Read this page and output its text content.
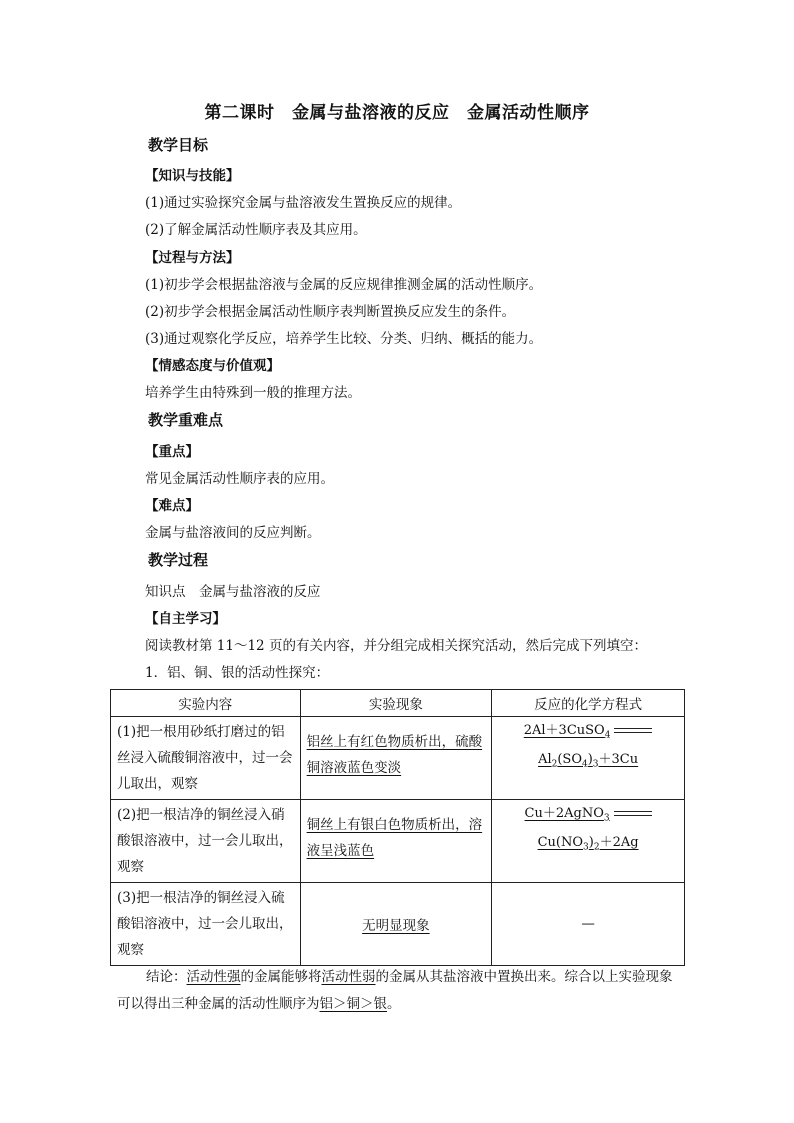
第二课时　金属与盐溶液的反应　金属活动性顺序
教学目标
【知识与技能】
(1)通过实验探究金属与盐溶液发生置换反应的规律。
(2)了解金属活动性顺序表及其应用。
【过程与方法】
(1)初步学会根据盐溶液与金属的反应规律推测金属的活动性顺序。
(2)初步学会根据金属活动性顺序表判断置换反应发生的条件。
(3)通过观察化学反应，培养学生比较、分类、归纳、概括的能力。
【情感态度与价值观】
培养学生由特殊到一般的推理方法。
教学重难点
【重点】
常见金属活动性顺序表的应用。
【难点】
金属与盐溶液间的反应判断。
教学过程
知识点　金属与盐溶液的反应
【自主学习】
阅读教材第 11～12 页的有关内容，并分组完成相关探究活动，然后完成下列填空：
1．铝、铜、银的活动性探究：
实验内容	实验现象	反应的化学方程式

(1)把一根用砂纸打磨过的铝丝浸入硫酸铜溶液中，过一会儿取出，观察	铝丝上有红色物质析出，硫酸铜溶液蓝色变淡	2Al＋3CuSO$_4$
$Al_2(SO_4)_3+3Cu$

(2)把一根洁净的铜丝浸入硝酸银溶液中，过一会儿取出，观察	铜丝上有银白色物质析出，溶液呈浅蓝色	Cu＋2AgNO$_3$
$Cu(NO_3)_2+2Ag$

(3)把一根洁净的铜丝浸入硫酸铝溶液中，过一会儿取出，观察	无明显现象	—
结论：活动性强的金属能够将活动性弱的金属从其盐溶液中置换出来。综合以上实验现象可以得出三种金属的活动性顺序为铝＞铜＞银。
